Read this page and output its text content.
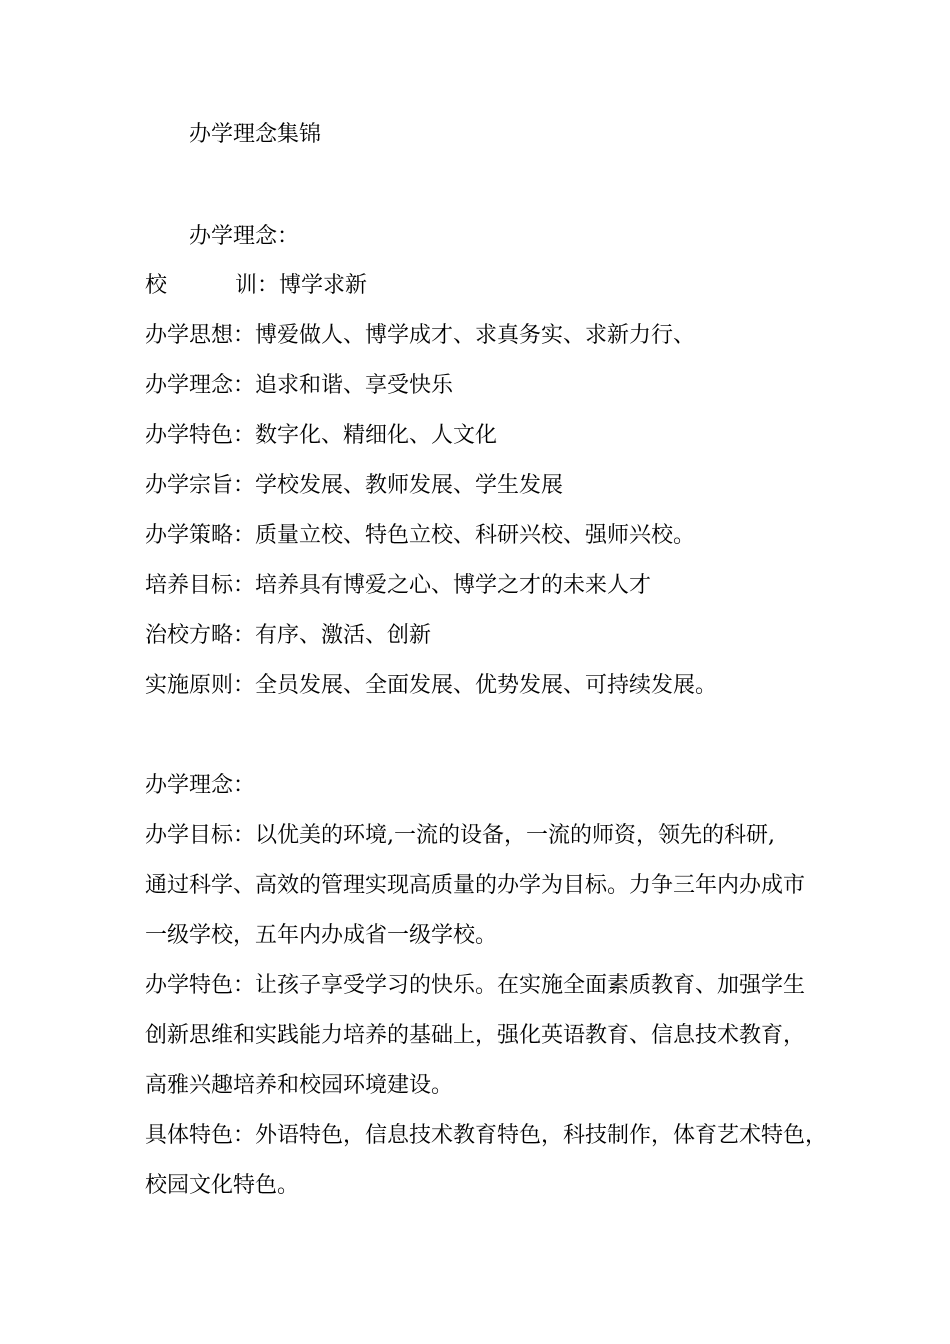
办学理念集锦
办学理念：
校	训：博学求新
办学思想：博爱做人、博学成才、求真务实、求新力行、
办学理念：追求和谐、享受快乐
办学特色：数字化、精细化、人文化
办学宗旨：学校发展、教师发展、学生发展
办学策略：质量立校、特色立校、科研兴校、强师兴校。
培养目标：培养具有博爱之心、博学之才的未来人才
治校方略：有序、激活、创新
实施原则：全员发展、全面发展、优势发展、可持续发展。
办学理念：
办学目标：以优美的环境,一流的设备，一流的师资，领先的科研,
通过科学、高效的管理实现高质量的办学为目标。力争三年内办成市
一级学校，五年内办成省一级学校。
办学特色：让孩子享受学习的快乐。在实施全面素质教育、加强学生
创新思维和实践能力培养的基础上，强化英语教育、信息技术教育，
高雅兴趣培养和校园环境建设。
具体特色：外语特色，信息技术教育特色，科技制作，体育艺术特色，
校园文化特色。
